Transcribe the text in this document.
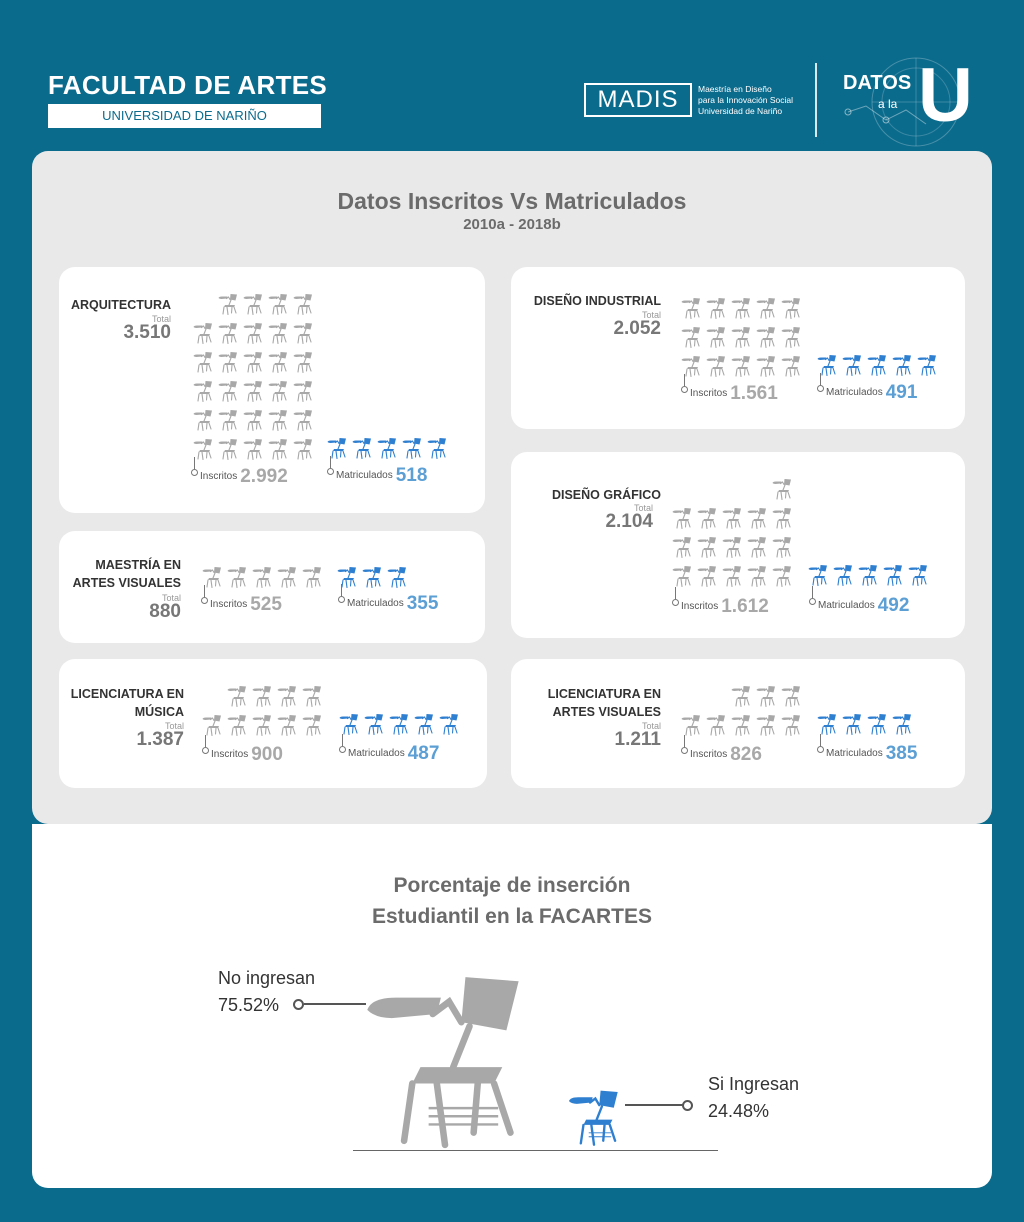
FACULTAD DE ARTES
UNIVERSIDAD DE NARIÑO
MADIS	Maestría en Diseño
para la Innovación Social
Universidad de Nariño
DATOS
a la U
Datos Inscritos Vs Matriculados
2010a - 2018b
ARQUITECTURA
Total
3.510
Inscritos 2.992	Matriculados 518
DISEÑO INDUSTRIAL
Total
2.052
Inscritos 1.561	Matriculados 491
DISEÑO GRÁFICO
Total
2.104
Inscritos 1.612	Matriculados 492
MAESTRÍA EN
ARTES VISUALES
Total
880	Inscritos 525	Matriculados 355
LICENCIATURA EN
MÚSICA
Total
1.387
Inscritos 900	Matriculados 487
LICENCIATURA EN
ARTES VISUALES
Total
1.211
Inscritos 826	Matriculados 385
Porcentaje de inserción
Estudiantil en la FACARTES
No ingresan
75.52%
Si Ingresan
24.48%
